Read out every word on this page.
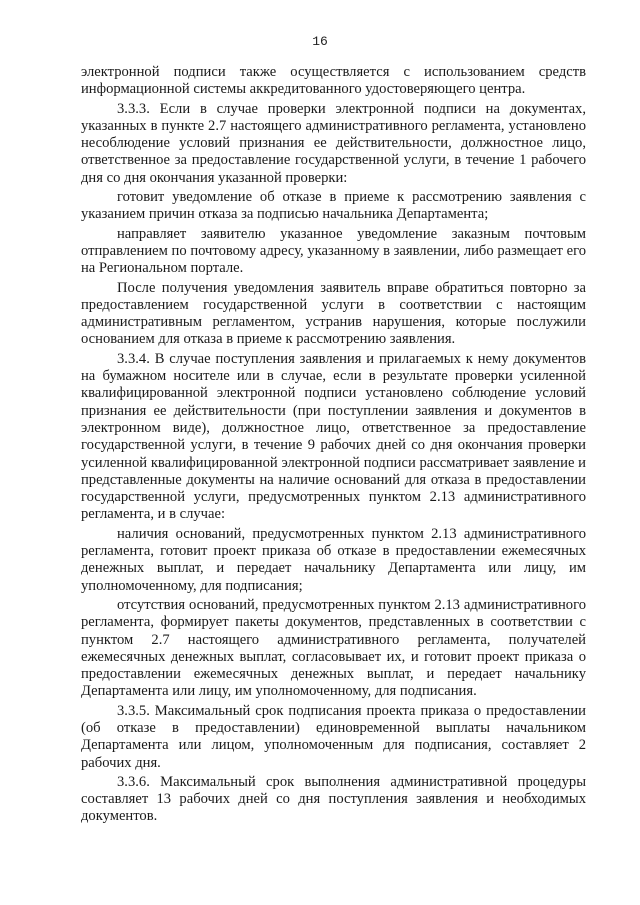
16

электронной подписи также осуществляется с использованием средств информационной системы аккредитованного удостоверяющего центра.

3.3.3. Если в случае проверки электронной подписи на документах, указанных в пункте 2.7 настоящего административного регламента, установлено несоблюдение условий признания ее действительности, должностное лицо, ответственное за предоставление государственной услуги, в течение 1 рабочего дня со дня окончания указанной проверки:

готовит уведомление об отказе в приеме к рассмотрению заявления с указанием причин отказа за подписью начальника Департамента;

направляет заявителю указанное уведомление заказным почтовым отправлением по почтовому адресу, указанному в заявлении, либо размещает его на Региональном портале.

После получения уведомления заявитель вправе обратиться повторно за предоставлением государственной услуги в соответствии с настоящим административным регламентом, устранив нарушения, которые послужили основанием для отказа в приеме к рассмотрению заявления.

3.3.4. В случае поступления заявления и прилагаемых к нему документов на бумажном носителе или в случае, если в результате проверки усиленной квалифицированной электронной подписи установлено соблюдение условий признания ее действительности (при поступлении заявления и документов в электронном виде), должностное лицо, ответственное за предоставление государственной услуги, в течение 9 рабочих дней со дня окончания проверки усиленной квалифицированной электронной подписи рассматривает заявление и представленные документы на наличие оснований для отказа в предоставлении государственной услуги, предусмотренных пунктом 2.13 административного регламента, и в случае:

наличия оснований, предусмотренных пунктом 2.13 административного регламента, готовит проект приказа об отказе в предоставлении ежемесячных денежных выплат, и передает начальнику Департамента или лицу, им уполномоченному, для подписания;

отсутствия оснований, предусмотренных пунктом 2.13 административного регламента, формирует пакеты документов, представленных в соответствии с пунктом 2.7 настоящего административного регламента, получателей ежемесячных денежных выплат, согласовывает их, и готовит проект приказа о предоставлении ежемесячных денежных выплат, и передает начальнику Департамента или лицу, им уполномоченному, для подписания.

3.3.5. Максимальный срок подписания проекта приказа о предоставлении (об отказе в предоставлении) единовременной выплаты начальником Департамента или лицом, уполномоченным для подписания, составляет 2 рабочих дня.

3.3.6. Максимальный срок выполнения административной процедуры составляет 13 рабочих дней со дня поступления заявления и необходимых документов.
